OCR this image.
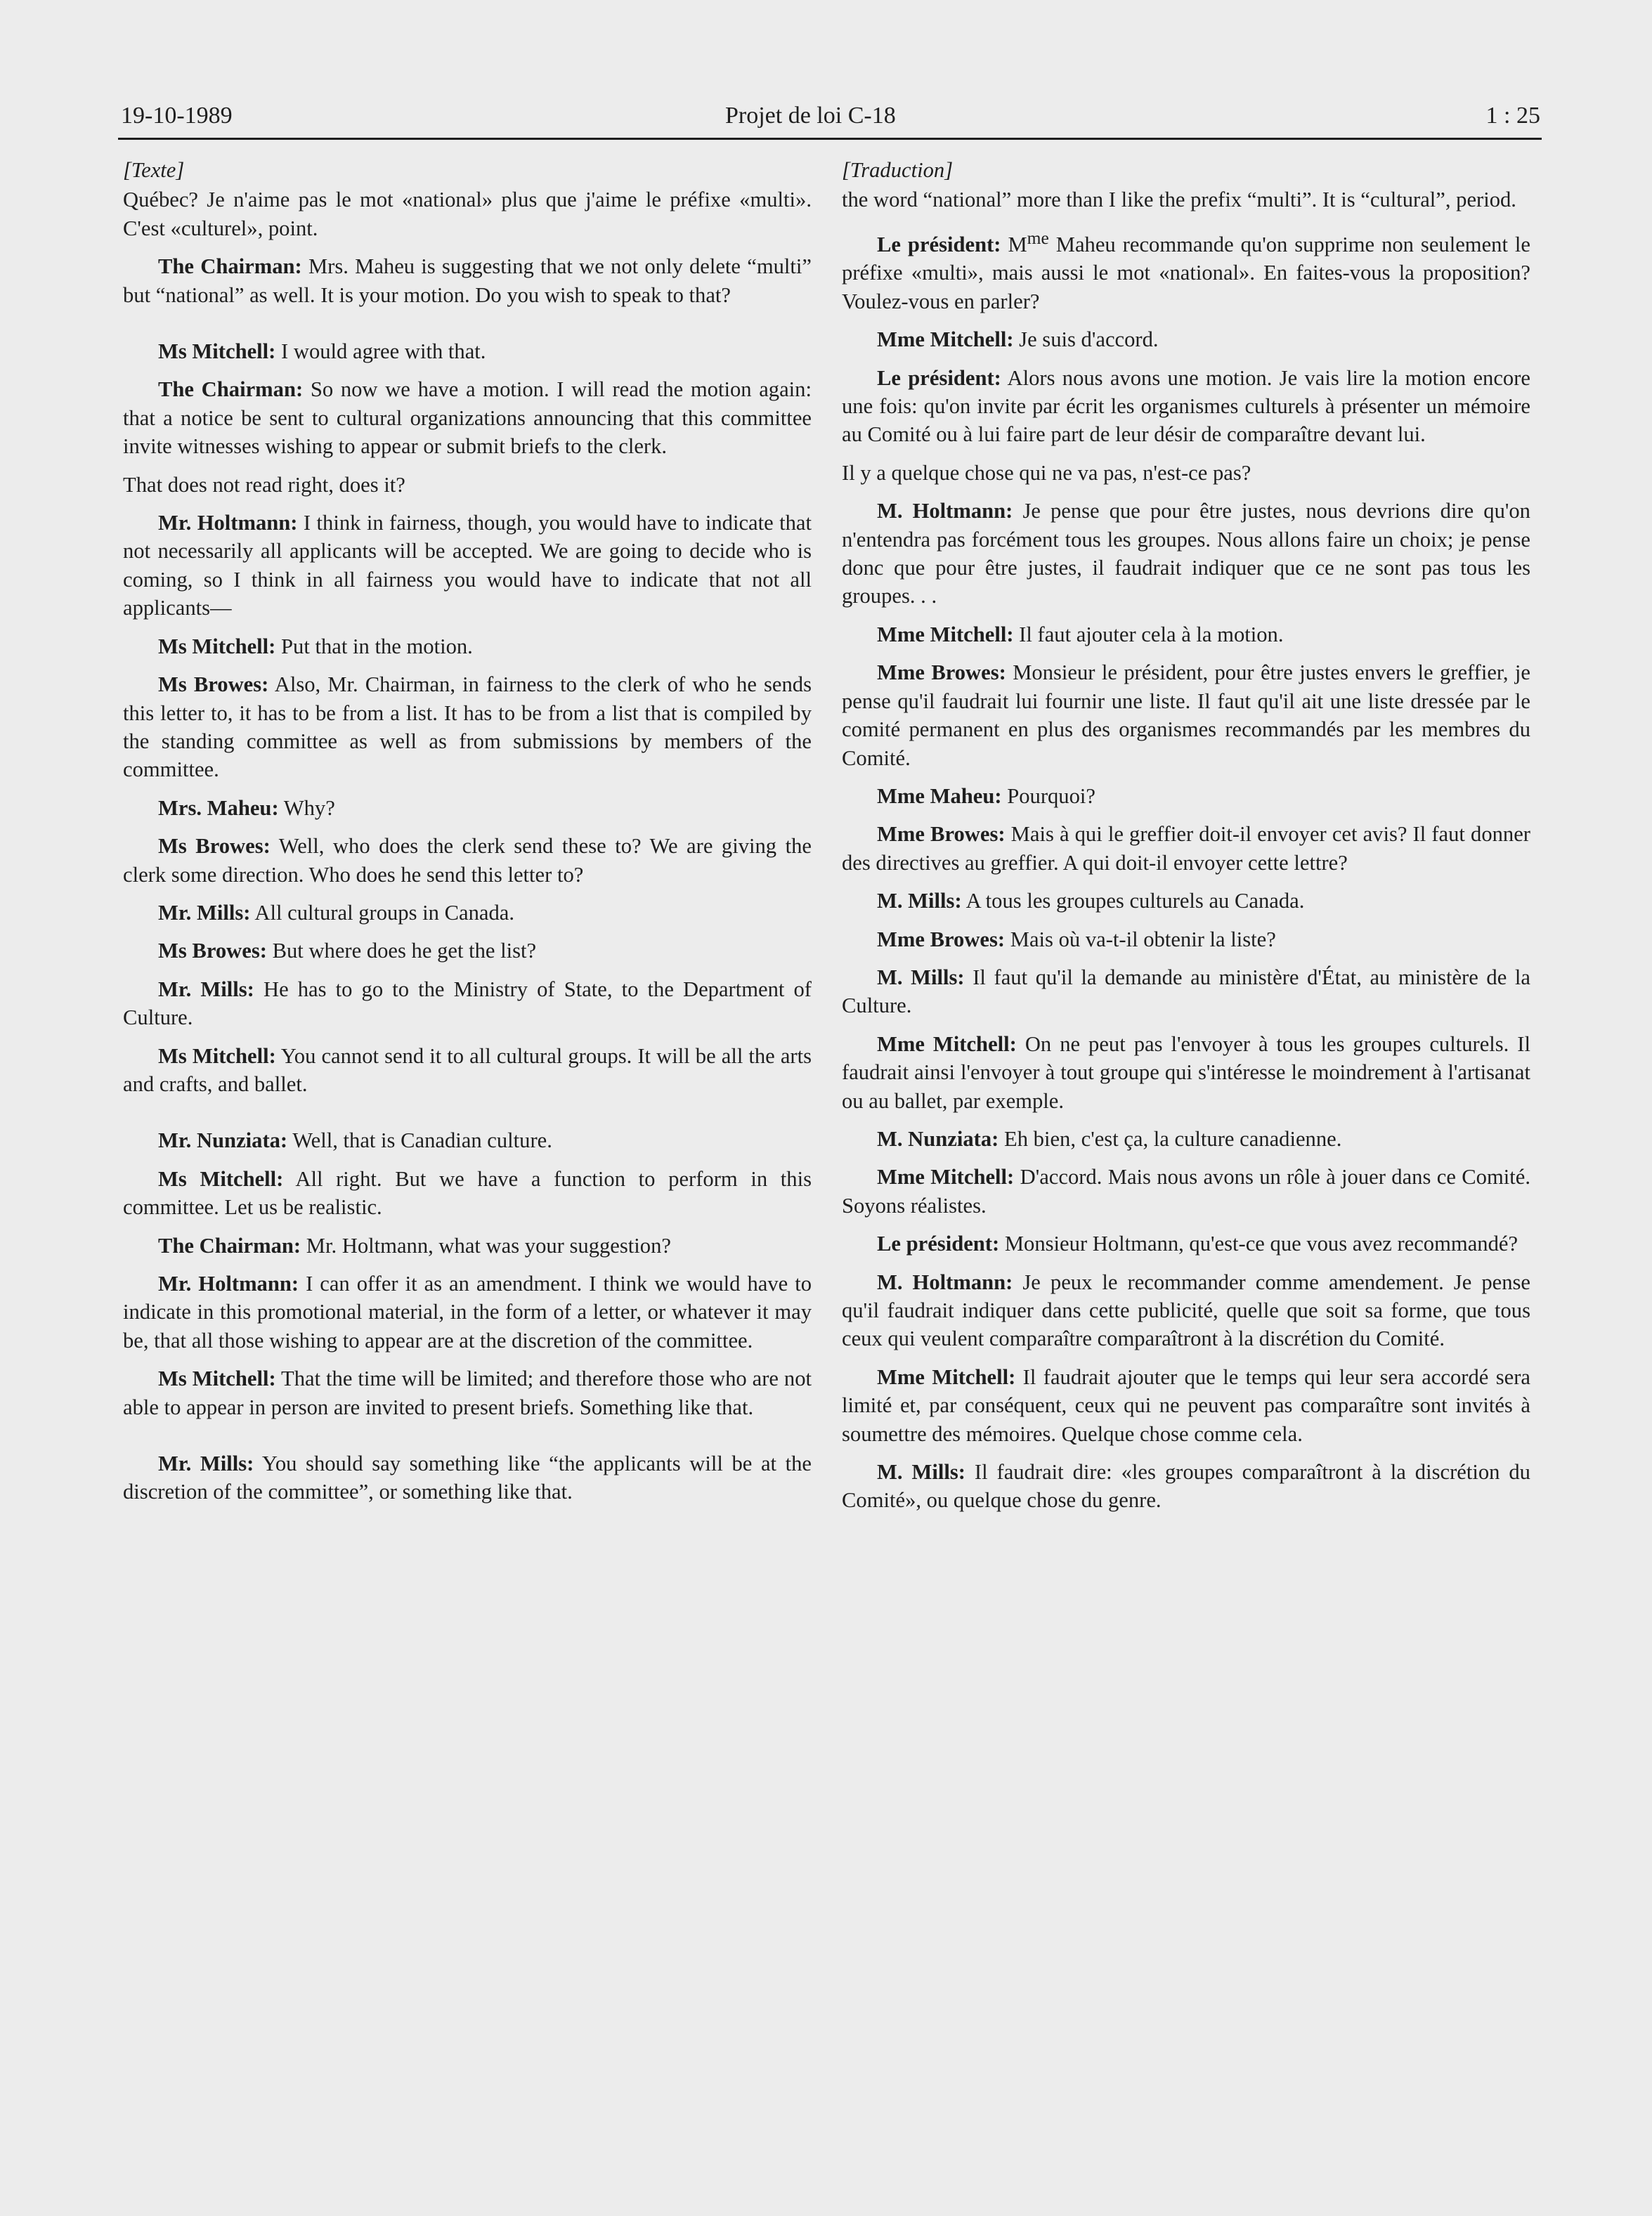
19-10-1989	Projet de loi C-18	1 : 25

[Texte]

Québec? Je n'aime pas le mot «national» plus que j'aime le préfixe «multi». C'est «culturel», point.

The Chairman: Mrs. Maheu is suggesting that we not only delete “multi” but “national” as well. It is your motion. Do you wish to speak to that?

Ms Mitchell: I would agree with that.

The Chairman: So now we have a motion. I will read the motion again: that a notice be sent to cultural organizations announcing that this committee invite witnesses wishing to appear or submit briefs to the clerk.

That does not read right, does it?

Mr. Holtmann: I think in fairness, though, you would have to indicate that not necessarily all applicants will be accepted. We are going to decide who is coming, so I think in all fairness you would have to indicate that not all applicants—

Ms Mitchell: Put that in the motion.

Ms Browes: Also, Mr. Chairman, in fairness to the clerk of who he sends this letter to, it has to be from a list. It has to be from a list that is compiled by the standing committee as well as from submissions by members of the committee.

Mrs. Maheu: Why?

Ms Browes: Well, who does the clerk send these to? We are giving the clerk some direction. Who does he send this letter to?

Mr. Mills: All cultural groups in Canada.

Ms Browes: But where does he get the list?

Mr. Mills: He has to go to the Ministry of State, to the Department of Culture.

Ms Mitchell: You cannot send it to all cultural groups. It will be all the arts and crafts, and ballet.

Mr. Nunziata: Well, that is Canadian culture.

Ms Mitchell: All right. But we have a function to perform in this committee. Let us be realistic.

The Chairman: Mr. Holtmann, what was your suggestion?

Mr. Holtmann: I can offer it as an amendment. I think we would have to indicate in this promotional material, in the form of a letter, or whatever it may be, that all those wishing to appear are at the discretion of the committee.

Ms Mitchell: That the time will be limited; and therefore those who are not able to appear in person are invited to present briefs. Something like that.

Mr. Mills: You should say something like “the applicants will be at the discretion of the committee”, or something like that.

[Traduction]

the word “national” more than I like the prefix “multi”. It is “cultural”, period.

Le président: $M^{me}$ Maheu recommande qu'on supprime non seulement le préfixe «multi», mais aussi le mot «national». En faites-vous la proposition? Voulez-vous en parler?

Mme Mitchell: Je suis d'accord.

Le président: Alors nous avons une motion. Je vais lire la motion encore une fois: qu'on invite par écrit les organismes culturels à présenter un mémoire au Comité ou à lui faire part de leur désir de comparaître devant lui.

Il y a quelque chose qui ne va pas, n'est-ce pas?

M. Holtmann: Je pense que pour être justes, nous devrions dire qu'on n'entendra pas forcément tous les groupes. Nous allons faire un choix; je pense donc que pour être justes, il faudrait indiquer que ce ne sont pas tous les groupes. . .

Mme Mitchell: Il faut ajouter cela à la motion.

Mme Browes: Monsieur le président, pour être justes envers le greffier, je pense qu'il faudrait lui fournir une liste. Il faut qu'il ait une liste dressée par le comité permanent en plus des organismes recommandés par les membres du Comité.

Mme Maheu: Pourquoi?

Mme Browes: Mais à qui le greffier doit-il envoyer cet avis? Il faut donner des directives au greffier. A qui doit-il envoyer cette lettre?

M. Mills: A tous les groupes culturels au Canada.

Mme Browes: Mais où va-t-il obtenir la liste?

M. Mills: Il faut qu'il la demande au ministère d'État, au ministère de la Culture.

Mme Mitchell: On ne peut pas l'envoyer à tous les groupes culturels. Il faudrait ainsi l'envoyer à tout groupe qui s'intéresse le moindrement à l'artisanat ou au ballet, par exemple.

M. Nunziata: Eh bien, c'est ça, la culture canadienne.

Mme Mitchell: D'accord. Mais nous avons un rôle à jouer dans ce Comité. Soyons réalistes.

Le président: Monsieur Holtmann, qu'est-ce que vous avez recommandé?

M. Holtmann: Je peux le recommander comme amendement. Je pense qu'il faudrait indiquer dans cette publicité, quelle que soit sa forme, que tous ceux qui veulent comparaître comparaîtront à la discrétion du Comité.

Mme Mitchell: Il faudrait ajouter que le temps qui leur sera accordé sera limité et, par conséquent, ceux qui ne peuvent pas comparaître sont invités à soumettre des mémoires. Quelque chose comme cela.

M. Mills: Il faudrait dire: «les groupes comparaîtront à la discrétion du Comité», ou quelque chose du genre.
